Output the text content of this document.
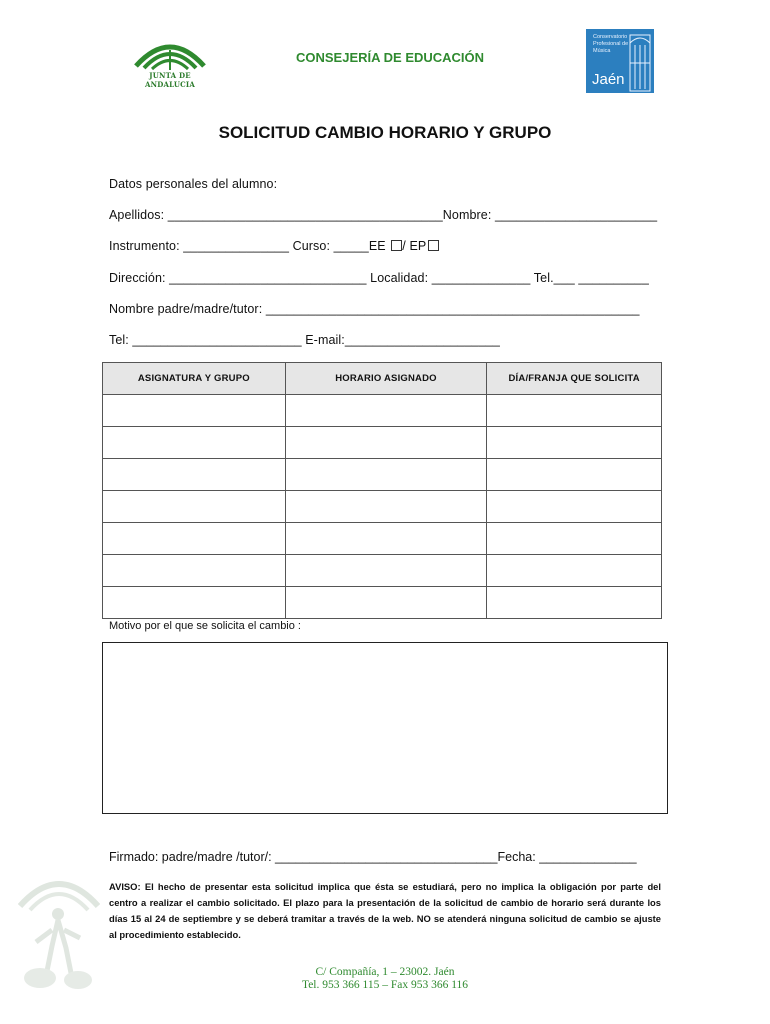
JUNTA DE ANDALUCIA
CONSEJERÍA DE EDUCACIÓN
Conservatorio
Profesional de
Música
Jaén
SOLICITUD CAMBIO HORARIO Y GRUPO
Datos personales del alumno:
Apellidos: _______________________________________Nombre: _______________________
Instrumento: _______________ Curso: _____EE / EP
Dirección: ____________________________ Localidad: ______________ Tel.___ __________
Nombre padre/madre/tutor: _____________________________________________________
Tel: ________________________ E-mail:______________________
ASIGNATURA Y GRUPO	HORARIO ASIGNADO	DÍA/FRANJA QUE SOLICITA

Motivo por el que se solicita el cambio :
Firmado: padre/madre /tutor/: ________________________________Fecha: ______________
AVISO: El hecho de presentar esta solicitud implica que ésta se estudiará, pero no implica la obligación por parte del centro a realizar el cambio solicitado. El plazo para la presentación de la solicitud de cambio de horario será durante los días 15 al 24 de septiembre y se deberá tramitar a través de la web. NO se atenderá ninguna solicitud de cambio se ajuste al procedimiento establecido.
C/ Compañía, 1 – 23002. Jaén
Tel. 953 366 115 – Fax 953 366 116
